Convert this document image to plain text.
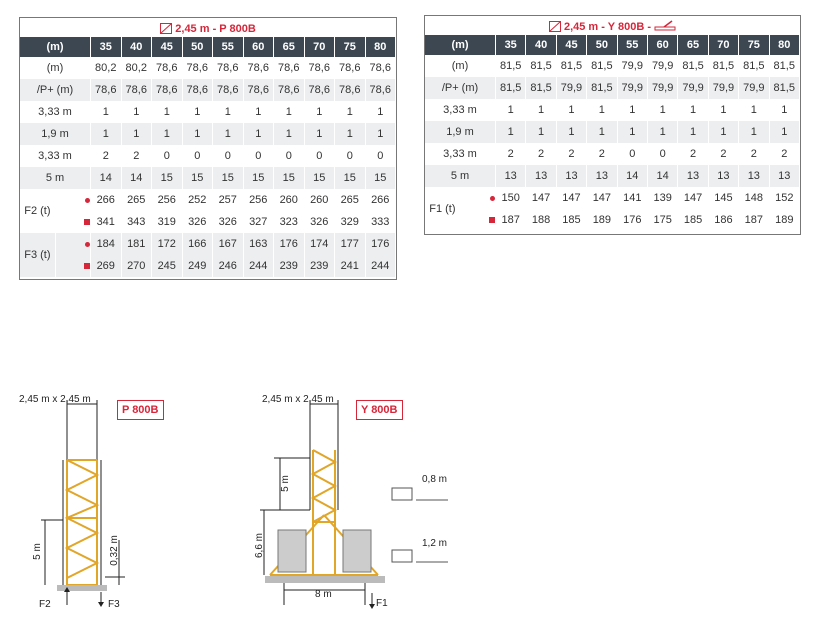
2,45 m - P 800B
(m)		35	40	45	50	55	60	65	70	75	80
(m)		80,2	80,2	78,6	78,6	78,6	78,6	78,6	78,6	78,6	78,6
/P+ (m)		78,6	78,6	78,6	78,6	78,6	78,6	78,6	78,6	78,6	78,6
3,33 m		1	1	1	1	1	1	1	1	1	1
1,9 m		1	1	1	1	1	1	1	1	1	1
3,33 m		2	2	0	0	0	0	0	0	0	0
5 m		14	14	15	15	15	15	15	15	15	15
F2 (t)		266	265	256	252	257	256	260	260	265	266
		341	343	319	326	326	327	323	326	329	333
F3 (t)		184	181	172	166	167	163	176	174	177	176
		269	270	245	249	246	244	239	239	241	244
2,45 m - Y 800B -
(m)		35	40	45	50	55	60	65	70	75	80
(m)		81,5	81,5	81,5	81,5	79,9	79,9	81,5	81,5	81,5	81,5
/P+ (m)		81,5	81,5	79,9	81,5	79,9	79,9	79,9	79,9	79,9	81,5
3,33 m		1	1	1	1	1	1	1	1	1	1
1,9 m		1	1	1	1	1	1	1	1	1	1
3,33 m		2	2	2	2	0	0	2	2	2	2
5 m		13	13	13	13	14	14	13	13	13	13
F1 (t)		150	147	147	147	141	139	147	145	148	152
		187	188	185	189	176	175	185	186	187	189
2,45 m x 2,45 m
5 m	0,32 m
F2	F3
P 800B
2,45 m x 2,45 m
5 m
6,6 m
8 m
F1
0,8 m
1,2 m
Y 800B
